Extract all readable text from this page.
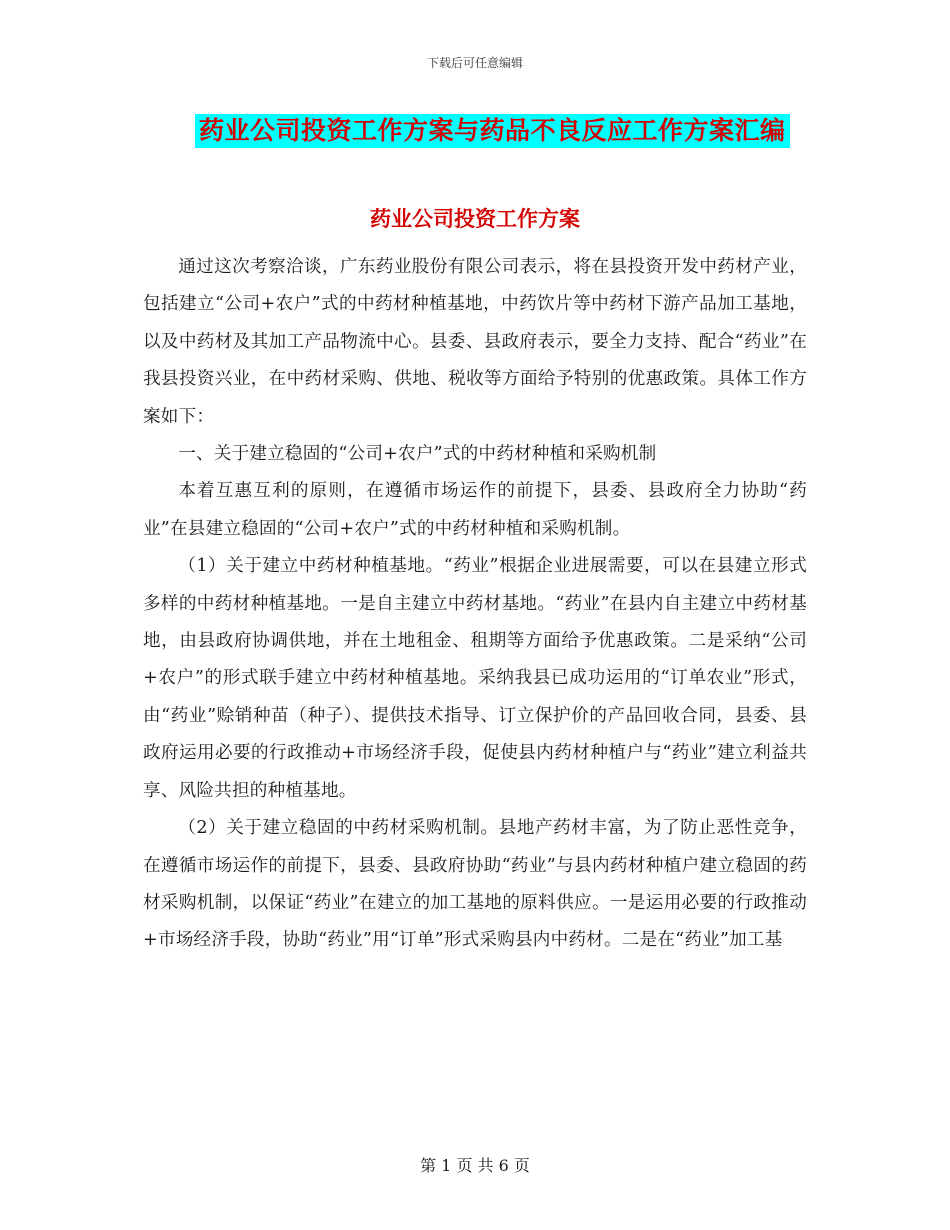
下载后可任意编辑
药业公司投资工作方案与药品不良反应工作方案汇编
药业公司投资工作方案

通过这次考察洽谈，广东药业股份有限公司表示，将在县投资开发中药材产业，包括建立“公司+农户”式的中药材种植基地，中药饮片等中药材下游产品加工基地，以及中药材及其加工产品物流中心。县委、县政府表示，要全力支持、配合“药业”在我县投资兴业，在中药材采购、供地、税收等方面给予特别的优惠政策。具体工作方案如下：

一、关于建立稳固的“公司+农户”式的中药材种植和采购机制

本着互惠互利的原则，在遵循市场运作的前提下，县委、县政府全力协助“药业”在县建立稳固的“公司+农户”式的中药材种植和采购机制。

（1）关于建立中药材种植基地。“药业”根据企业进展需要，可以在县建立形式多样的中药材种植基地。一是自主建立中药材基地。“药业”在县内自主建立中药材基地，由县政府协调供地，并在土地租金、租期等方面给予优惠政策。二是采纳“公司+农户”的形式联手建立中药材种植基地。采纳我县已成功运用的“订单农业”形式，由“药业”赊销种苗（种子）、提供技术指导、订立保护价的产品回收合同，县委、县政府运用必要的行政推动+市场经济手段，促使县内药材种植户与“药业”建立利益共享、风险共担的种植基地。

（2）关于建立稳固的中药材采购机制。县地产药材丰富，为了防止恶性竞争，在遵循市场运作的前提下，县委、县政府协助“药业”与县内药材种植户建立稳固的药材采购机制，以保证“药业”在建立的加工基地的原料供应。一是运用必要的行政推动+市场经济手段，协助“药业”用“订单”形式采购县内中药材。二是在“药业”加工基

第 1 页 共 6 页
